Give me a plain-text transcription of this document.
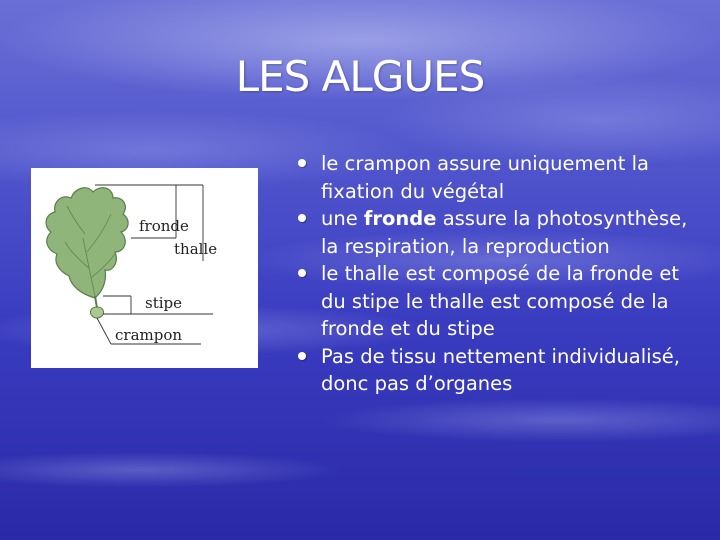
LES ALGUES
fronde
thalle
stipe
crampon
le crampon assure uniquement la fixation du végétal
une fronde assure la photosynthèse, la respiration, la reproduction
le thalle est composé de la fronde et du stipe le thalle est composé de la fronde et du stipe
Pas de tissu nettement individualisé, donc pas d’organes
